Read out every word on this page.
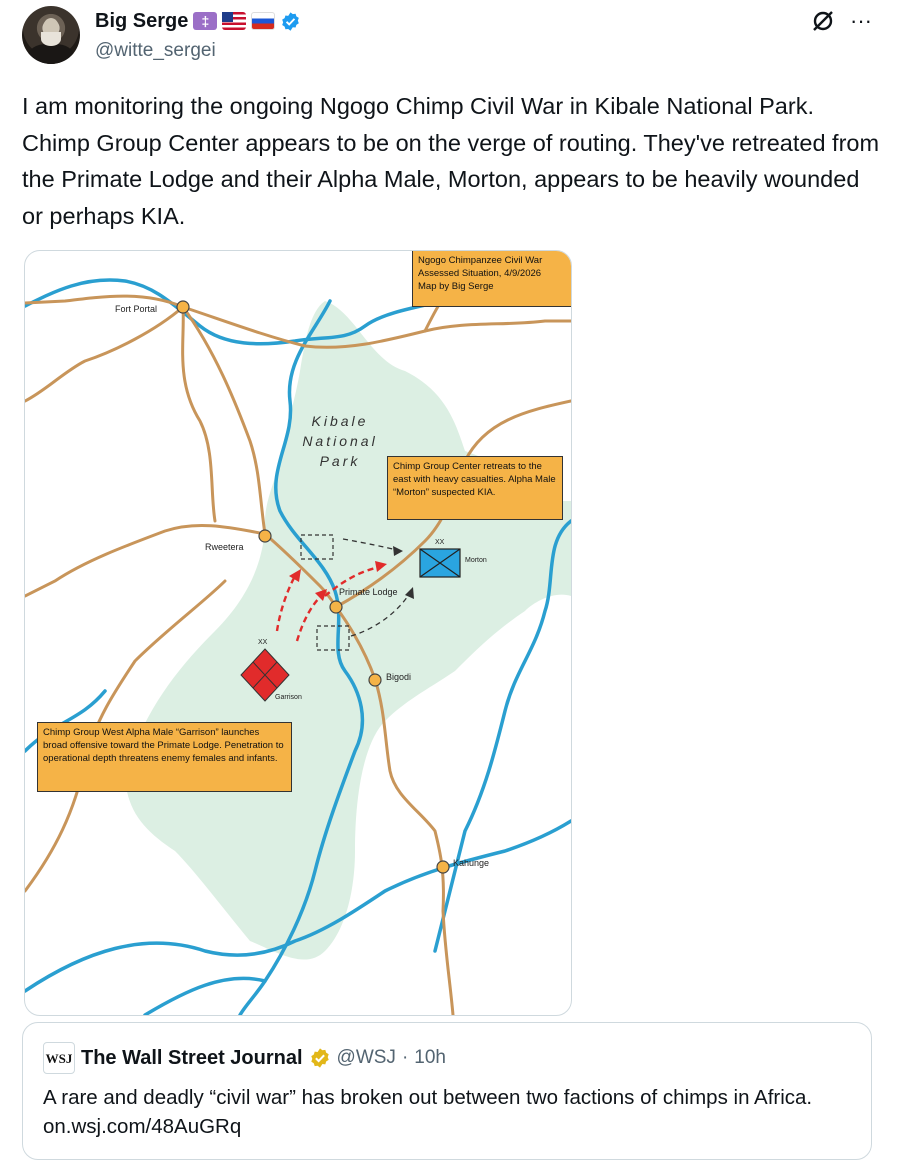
Big Serge ‡
@witte_sergei
···
I am monitoring the ongoing Ngogo Chimp Civil War in Kibale National Park. Chimp Group Center appears to be on the verge of routing. They've retreated from the Primate Lodge and their Alpha Male, Morton, appears to be heavily wounded or perhaps KIA.
Ngogo Chimpanzee Civil War
Assessed Situation, 4/9/2026
Map by Big Serge
Kibale
National
Park
Fort Portal
Rweetera
Primate Lodge
Bigodi
Kahunge
XX
Garrison
XX
Morton
Chimp Group Center retreats to the east with heavy casualties. Alpha Male “Morton” suspected KIA.
Chimp Group West Alpha Male “Garrison” launches broad offensive toward the Primate Lodge. Penetration to operational depth threatens enemy females and infants.
WSJ The Wall Street Journal @WSJ · 10h
A rare and deadly “civil war” has broken out between two factions of chimps in Africa. on.wsj.com/48AuGRq
